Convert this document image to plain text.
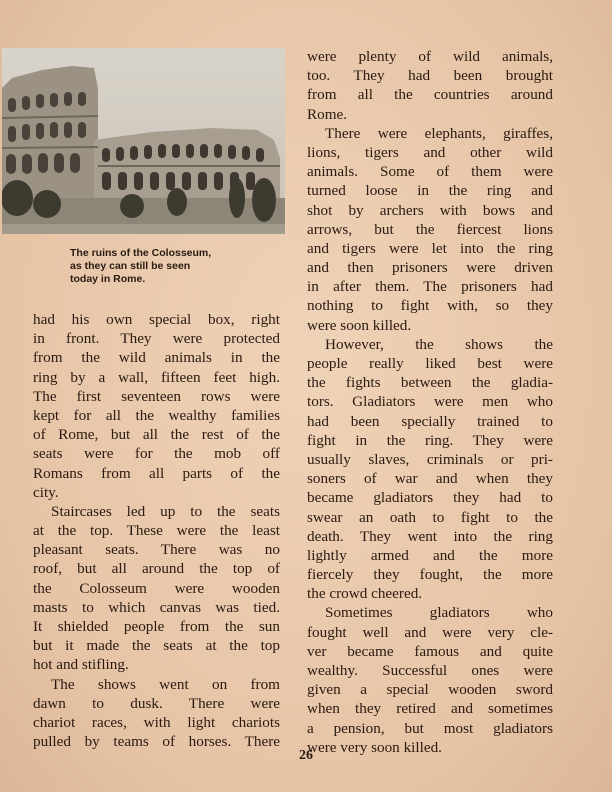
The ruins of the Colosseum,
as they can still be seen
today in Rome.
had his own special box, right
in front. They were protected
from the wild animals in the
ring by a wall, fifteen feet high.
The first seventeen rows were
kept for all the wealthy families
of Rome, but all the rest of the
seats were for the mob off
Romans from all parts of the
city.
Staircases led up to the seats
at the top. These were the least
pleasant seats. There was no
roof, but all around the top of
the Colosseum were wooden
masts to which canvas was tied.
It shielded people from the sun
but it made the seats at the top
hot and stifling.
The shows went on from
dawn to dusk. There were
chariot races, with light chariots
pulled by teams of horses. There
were plenty of wild animals,
too. They had been brought
from all the countries around
Rome.
There were elephants, giraffes,
lions, tigers and other wild
animals. Some of them were
turned loose in the ring and
shot by archers with bows and
arrows, but the fiercest lions
and tigers were let into the ring
and then prisoners were driven
in after them. The prisoners had
nothing to fight with, so they
were soon killed.
However, the shows the
people really liked best were
the fights between the gladia-
tors. Gladiators were men who
had been specially trained to
fight in the ring. They were
usually slaves, criminals or pri-
soners of war and when they
became gladiators they had to
swear an oath to fight to the
death. They went into the ring
lightly armed and the more
fiercely they fought, the more
the crowd cheered.
Sometimes gladiators who
fought well and were very cle-
ver became famous and quite
wealthy. Successful ones were
given a special wooden sword
when they retired and sometimes
a pension, but most gladiators
were very soon killed.
26
